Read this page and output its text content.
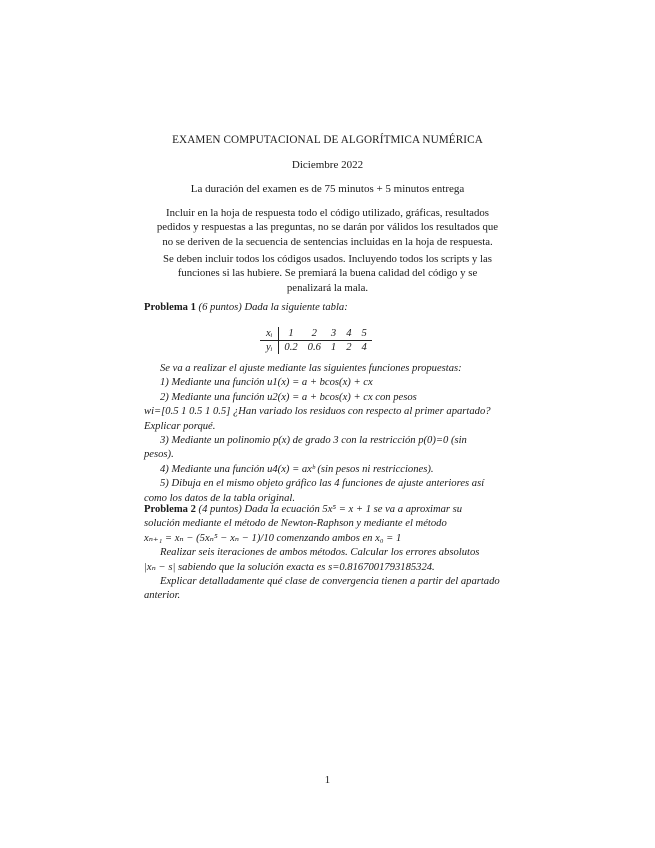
EXAMEN COMPUTACIONAL DE ALGORÍTMICA NUMÉRICA
Diciembre 2022
La duración del examen es de 75 minutos + 5 minutos entrega
Incluir en la hoja de respuesta todo el código utilizado, gráficas, resultados
pedidos y respuestas a las preguntas, no se darán por válidos los resultados que
no se deriven de la secuencia de sentencias incluidas en la hoja de respuesta.
Se deben incluir todos los códigos usados. Incluyendo todos los scripts y las
funciones si las hubiere. Se premiará la buena calidad del código y se
penalizará la mala.
Problema 1 (6 puntos) Dada la siguiente tabla:
xᵢ	1	2	3	4	5
yᵢ	0.2	0.6	1	2	4
Se va a realizar el ajuste mediante las siguientes funciones propuestas:
1) Mediante una función u1(x) = a + bcos(x) + cx
2) Mediante una función u2(x) = a + bcos(x) + cx con pesos
wi=[0.5 1 0.5 1 0.5] ¿Han variado los residuos con respecto al primer apartado?
Explicar porqué.
3) Mediante un polinomio p(x) de grado 3 con la restricción p(0)=0 (sin
pesos).
4) Mediante una función u4(x) = axᵇ (sin pesos ni restricciones).
5) Dibuja en el mismo objeto gráfico las 4 funciones de ajuste anteriores así
como los datos de la tabla original.
Problema 2 (4 puntos) Dada la ecuación 5x⁵ = x + 1 se va a aproximar su
solución mediante el método de Newton-Raphson y mediante el método
xₙ₊₁ = xₙ − (5xₙ⁵ − xₙ − 1)/10 comenzando ambos en x₀ = 1
Realizar seis iteraciones de ambos métodos. Calcular los errores absolutos
|xₙ − s| sabiendo que la solución exacta es s=0.8167001793185324.
Explicar detalladamente qué clase de convergencia tienen a partir del apartado
anterior.
1
